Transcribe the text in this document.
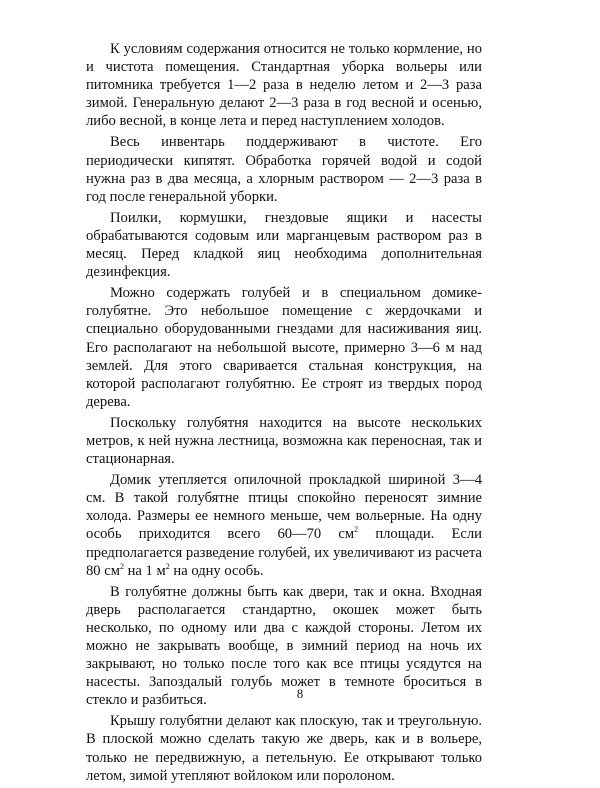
К условиям содержания относится не только кормление, но и чистота помещения. Стандартная уборка вольеры или питомника требуется 1—2 раза в неделю летом и 2—3 раза зимой. Генеральную делают 2—3 раза в год весной и осенью, либо весной, в конце лета и перед наступлением холодов.

Весь инвентарь поддерживают в чистоте. Его периодически кипятят. Обработка горячей водой и содой нужна раз в два месяца, а хлорным раствором — 2—3 раза в год после генеральной уборки.

Поилки, кормушки, гнездовые ящики и насесты обрабатываются содовым или марганцевым раствором раз в месяц. Перед кладкой яиц необходима дополнительная дезинфекция.

Можно содержать голубей и в специальном домике-голубятне. Это небольшое помещение с жердочками и специально оборудованными гнездами для насиживания яиц. Его располагают на небольшой высоте, примерно 3—6 м над землей. Для этого сваривается стальная конструкция, на которой располагают голубятню. Ее строят из твердых пород дерева.

Поскольку голубятня находится на высоте нескольких метров, к ней нужна лестница, возможна как переносная, так и стационарная.

Домик утепляется опилочной прокладкой шириной 3—4 см. В такой голубятне птицы спокойно переносят зимние холода. Размеры ее немного меньше, чем вольерные. На одну особь приходится всего 60—70 $см^2$ площади. Если предполагается разведение голубей, их увеличивают из расчета 80 $см^2$ на 1 $м^2$ на одну особь.

В голубятне должны быть как двери, так и окна. Входная дверь располагается стандартно, окошек может быть несколько, по одному или два с каждой стороны. Летом их можно не закрывать вообще, в зимний период на ночь их закрывают, но только после того как все птицы усядутся на насесты. Запоздалый голубь может в темноте броситься в стекло и разбиться.

Крышу голубятни делают как плоскую, так и треугольную. В плоской можно сделать такую же дверь, как и в вольере, только не передвижную, а петельную. Ее открывают только летом, зимой утепляют войлоком или поролоном.

8
